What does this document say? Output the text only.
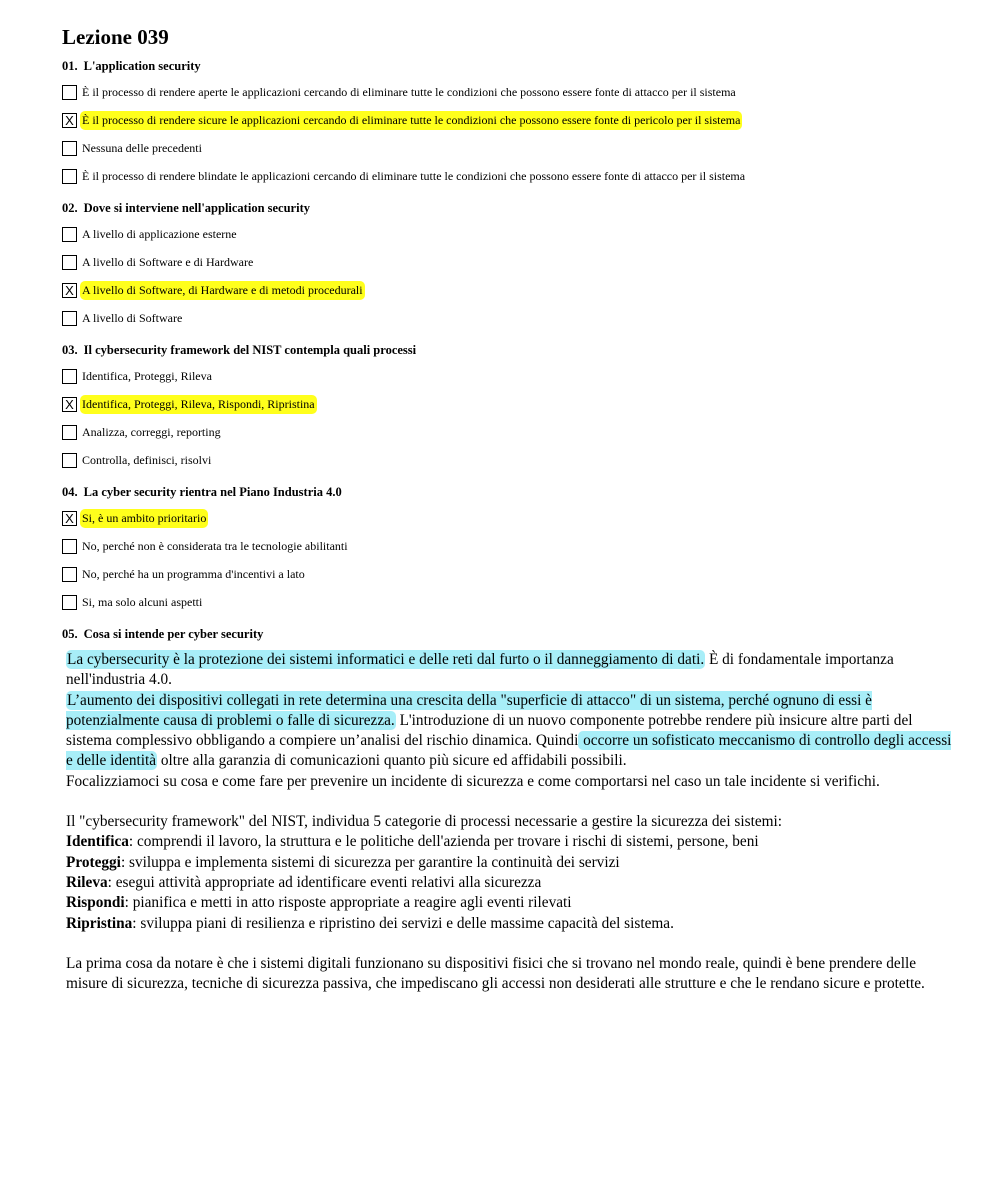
Lezione 039
01. L'application security
È il processo di rendere aperte le applicazioni cercando di eliminare tutte le condizioni che possono essere fonte di attacco per il sistema
X È il processo di rendere sicure le applicazioni cercando di eliminare tutte le condizioni che possono essere fonte di pericolo per il sistema
Nessuna delle precedenti
È il processo di rendere blindate le applicazioni cercando di eliminare tutte le condizioni che possono essere fonte di attacco per il sistema
02. Dove si interviene nell'application security
A livello di applicazione esterne
A livello di Software e di Hardware
X A livello di Software, di Hardware e di metodi procedurali
A livello di Software
03. Il cybersecurity framework del NIST contempla quali processi
Identifica, Proteggi, Rileva
X Identifica, Proteggi, Rileva, Rispondi, Ripristina
Analizza, correggi, reporting
Controlla, definisci, risolvi
04. La cyber security rientra nel Piano Industria 4.0
X Si, è un ambito prioritario
No, perché non è considerata tra le tecnologie abilitanti
No, perché ha un programma d'incentivi a lato
Si, ma solo alcuni aspetti
05. Cosa si intende per cyber security

La cybersecurity è la protezione dei sistemi informatici e delle reti dal furto o il danneggiamento di dati. È di fondamentale importanza nell'industria 4.0.

L’aumento dei dispositivi collegati in rete determina una crescita della "superficie di attacco" di un sistema, perché ognuno di essi è potenzialmente causa di problemi o falle di sicurezza. L'introduzione di un nuovo componente potrebbe rendere più insicure altre parti del sistema complessivo obbligando a compiere un’analisi del rischio dinamica. Quindi occorre un sofisticato meccanismo di controllo degli accessi e delle identità oltre alla garanzia di comunicazioni quanto più sicure ed affidabili possibili.

Focalizziamoci su cosa e come fare per prevenire un incidente di sicurezza e come comportarsi nel caso un tale incidente si verifichi.

Il "cybersecurity framework" del NIST, individua 5 categorie di processi necessarie a gestire la sicurezza dei sistemi:

Identifica: comprendi il lavoro, la struttura e le politiche dell'azienda per trovare i rischi di sistemi, persone, beni

Proteggi: sviluppa e implementa sistemi di sicurezza per garantire la continuità dei servizi

Rileva: esegui attività appropriate ad identificare eventi relativi alla sicurezza

Rispondi: pianifica e metti in atto risposte appropriate a reagire agli eventi rilevati

Ripristina: sviluppa piani di resilienza e ripristino dei servizi e delle massime capacità del sistema.

La prima cosa da notare è che i sistemi digitali funzionano su dispositivi fisici che si trovano nel mondo reale, quindi è bene prendere delle misure di sicurezza, tecniche di sicurezza passiva, che impediscano gli accessi non desiderati alle strutture e che le rendano sicure e protette.
